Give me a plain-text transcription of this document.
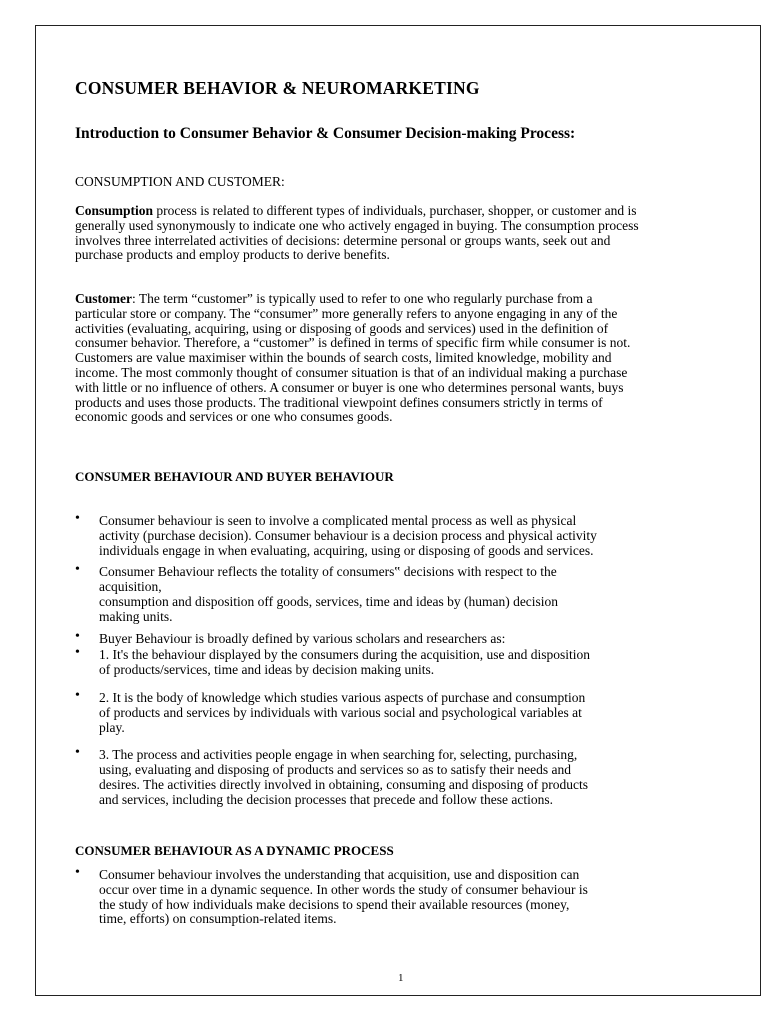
CONSUMER BEHAVIOR & NEUROMARKETING
Introduction to Consumer Behavior & Consumer Decision-making Process:
CONSUMPTION AND CUSTOMER:
Consumption process is related to different types of individuals, purchaser, shopper, or customer and is generally used synonymously to indicate one who actively engaged in buying. The consumption process involves three interrelated activities of decisions: determine personal or groups wants, seek out and purchase products and employ products to derive benefits.
Customer: The term “customer” is typically used to refer to one who regularly purchase from a particular store or company. The “consumer” more generally refers to anyone engaging in any of the activities (evaluating, acquiring, using or disposing of goods and services) used in the definition of consumer behavior. Therefore, a “customer” is defined in terms of specific firm while consumer is not. Customers are value maximiser within the bounds of search costs, limited knowledge, mobility and income. The most commonly thought of consumer situation is that of an individual making a purchase with little or no influence of others. A consumer or buyer is one who determines personal wants, buys products and uses those products. The traditional viewpoint defines consumers strictly in terms of economic goods and services or one who consumes goods.
CONSUMER BEHAVIOUR AND BUYER BEHAVIOUR
• Consumer behaviour is seen to involve a complicated mental process as well as physical
activity (purchase decision). Consumer behaviour is a decision process and physical activity
individuals engage in when evaluating, acquiring, using or disposing of goods and services.
• Consumer Behaviour reflects the totality of consumers‟ decisions with respect to the
acquisition,
consumption and disposition off goods, services, time and ideas by (human) decision
making units.
• Buyer Behaviour is broadly defined by various scholars and researchers as:
• 1. It's the behaviour displayed by the consumers during the acquisition, use and disposition
of products/services, time and ideas by decision making units.
• 2. It is the body of knowledge which studies various aspects of purchase and consumption
of products and services by individuals with various social and psychological variables at
play.
• 3. The process and activities people engage in when searching for, selecting, purchasing,
using, evaluating and disposing of products and services so as to satisfy their needs and
desires. The activities directly involved in obtaining, consuming and disposing of products
and services, including the decision processes that precede and follow these actions.
CONSUMER BEHAVIOUR AS A DYNAMIC PROCESS
• Consumer behaviour involves the understanding that acquisition, use and disposition can
occur over time in a dynamic sequence. In other words the study of consumer behaviour is
the study of how individuals make decisions to spend their available resources (money,
time, efforts) on consumption-related items.
1
